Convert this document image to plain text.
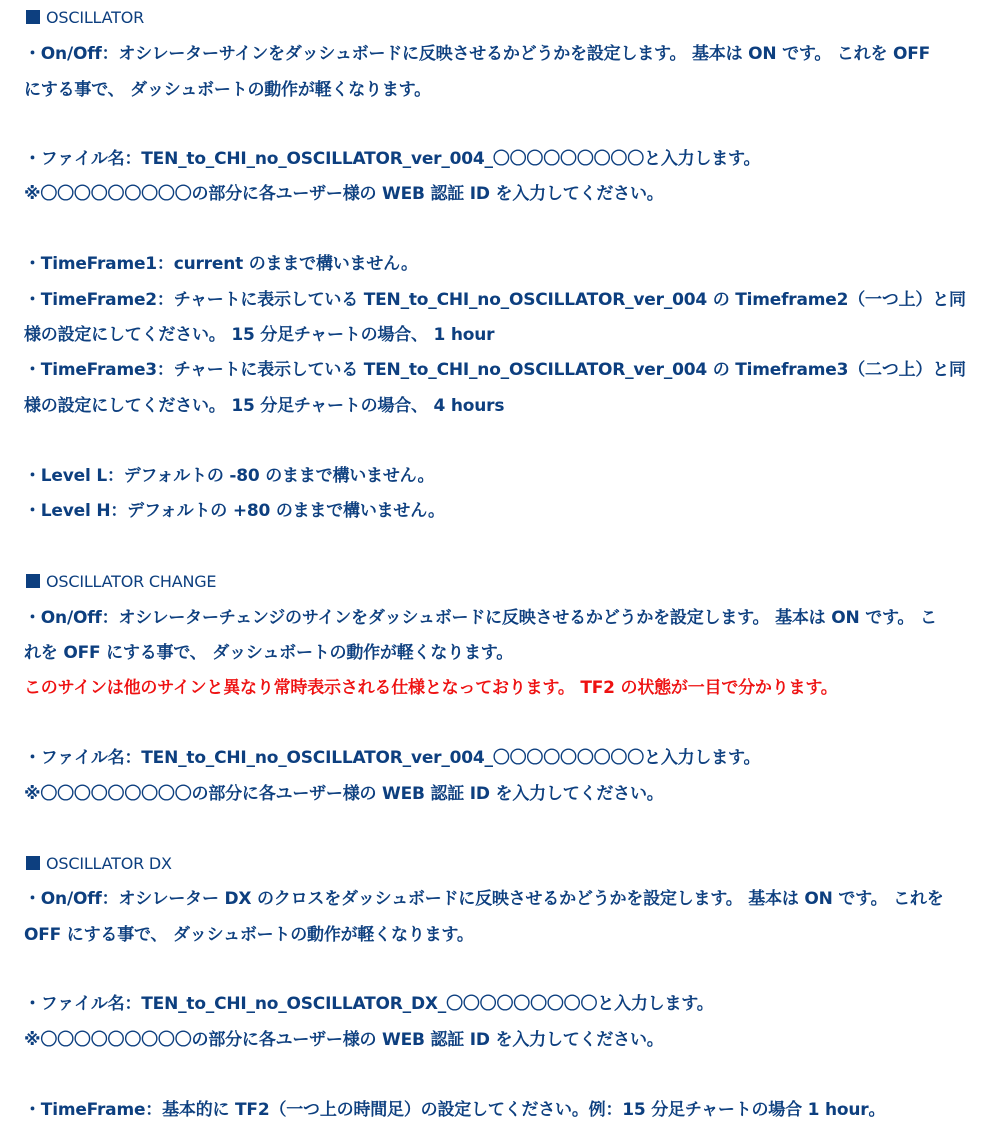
OSCILLATOR
・On/Off：オシレーターサインをダッシュボードに反映させるかどうかを設定します。 基本は ON です。 これを OFF
にする事で、 ダッシュボートの動作が軽くなります。
・ファイル名：TEN_to_CHI_no_OSCILLATOR_ver_004_〇〇〇〇〇〇〇〇〇と入力します。
※〇〇〇〇〇〇〇〇〇の部分に各ユーザー様の WEB 認証 ID を入力してください。
・TimeFrame1：current のままで構いません。
・TimeFrame2：チャートに表示している TEN_to_CHI_no_OSCILLATOR_ver_004 の Timeframe2（一つ上）と同
様の設定にしてください。 15 分足チャートの場合、 1 hour
・TimeFrame3：チャートに表示している TEN_to_CHI_no_OSCILLATOR_ver_004 の Timeframe3（二つ上）と同
様の設定にしてください。 15 分足チャートの場合、 4 hours
・Level L：デフォルトの -80 のままで構いません。
・Level H：デフォルトの +80 のままで構いません。
OSCILLATOR CHANGE
・On/Off：オシレーターチェンジのサインをダッシュボードに反映させるかどうかを設定します。 基本は ON です。 こ
れを OFF にする事で、 ダッシュボートの動作が軽くなります。
このサインは他のサインと異なり常時表示される仕様となっております。 TF2 の状態が一目で分かります。
・ファイル名：TEN_to_CHI_no_OSCILLATOR_ver_004_〇〇〇〇〇〇〇〇〇と入力します。
※〇〇〇〇〇〇〇〇〇の部分に各ユーザー様の WEB 認証 ID を入力してください。
OSCILLATOR DX
・On/Off：オシレーター DX のクロスをダッシュボードに反映させるかどうかを設定します。 基本は ON です。 これを
OFF にする事で、 ダッシュボートの動作が軽くなります。
・ファイル名：TEN_to_CHI_no_OSCILLATOR_DX_〇〇〇〇〇〇〇〇〇と入力します。
※〇〇〇〇〇〇〇〇〇の部分に各ユーザー様の WEB 認証 ID を入力してください。
・TimeFrame：基本的に TF2（一つ上の時間足）の設定してください。例：15 分足チャートの場合 1 hour。
